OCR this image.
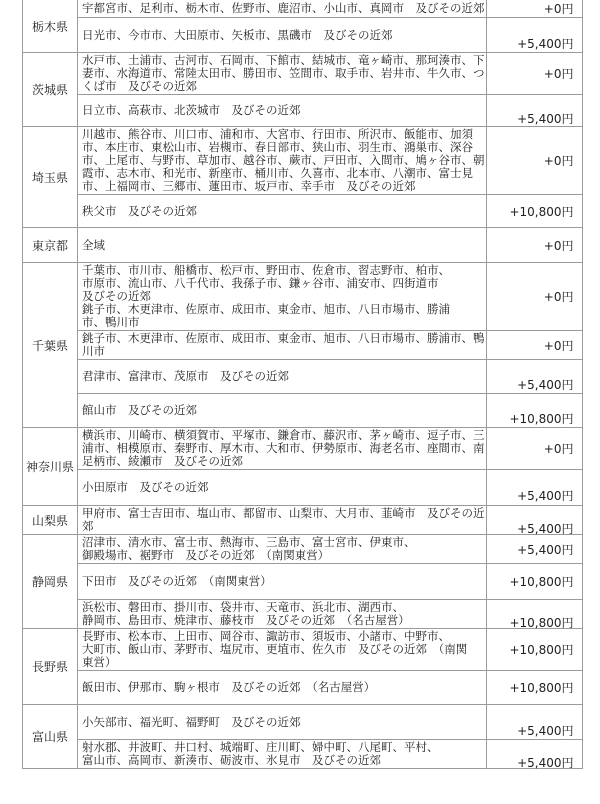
栃木県	宇都宮市、足利市、栃木市、佐野市、鹿沼市、小山市、真岡市　及びその近郊	+0円

	日光市、今市市、大田原市、矢板市、黒磯市　及びその近郊	+5,400円
茨城県	水戸市、土浦市、古河市、石岡市、下館市、結城市、竜ヶ崎市、那珂湊市、下
妻市、水海道市、常陸太田市、勝田市、笠間市、取手市、岩井市、牛久市、つ
くば市　及びその近郊	+0円

	日立市、高萩市、北茨城市　及びその近郊	+5,400円
埼玉県	川越市、熊谷市、川口市、浦和市、大宮市、行田市、所沢市、飯能市、加須
市、本庄市、東松山市、岩槻市、春日部市、狭山市、羽生市、鴻巣市、深谷
市、上尾市、与野市、草加市、越谷市、蕨市、戸田市、入間市、鳩ヶ谷市、朝
霞市、志木市、和光市、新座市、桶川市、久喜市、北本市、八潮市、富士見
市、上福岡市、三郷市、蓮田市、坂戸市、幸手市　及びその近郊	+0円

	秩父市　及びその近郊	+10,800円
東京都	全域	+0円
千葉県	千葉市、市川市、船橋市、松戸市、野田市、佐倉市、習志野市、柏市、
市原市、流山市、八千代市、我孫子市、鎌ヶ谷市、浦安市、四街道市
及びその近郊
銚子市、木更津市、佐原市、成田市、東金市、旭市、八日市場市、勝浦
市、鴨川市	+0円

	銚子市、木更津市、佐原市、成田市、東金市、旭市、八日市場市、勝浦市、鴨
川市	+0円

	君津市、富津市、茂原市　及びその近郊	+5,400円

	館山市　及びその近郊	+10,800円
神奈川県	横浜市、川崎市、横須賀市、平塚市、鎌倉市、藤沢市、茅ヶ崎市、逗子市、三
浦市、相模原市、秦野市、厚木市、大和市、伊勢原市、海老名市、座間市、南
足柄市、綾瀬市　及びその近郊	+0円

	小田原市　及びその近郊	+5,400円
山梨県	甲府市、富士吉田市、塩山市、都留市、山梨市、大月市、韮崎市　及びその近
郊	+5,400円
静岡県	沼津市、清水市、富士市、熱海市、三島市、富士宮市、伊東市、
御殿場市、裾野市　及びその近郊　（南関東営）	+5,400円

	下田市　及びその近郊　（南関東営）	+10,800円

	浜松市、磐田市、掛川市、袋井市、天竜市、浜北市、湖西市、
静岡市、島田市、焼津市、藤枝市　及びその近郊　（名古屋営）	+10,800円
長野県	長野市、松本市、上田市、岡谷市、諏訪市、須坂市、小諸市、中野市、
大町市、飯山市、茅野市、塩尻市、更埴市、佐久市　及びその近郊　（南関
東営）	+10,800円

	飯田市、伊那市、駒ヶ根市　及びその近郊　（名古屋営）	+10,800円
富山県	小矢部市、福光町、福野町　及びその近郊	+5,400円

	射水郡、井波町、井口村、城端町、庄川町、婦中町、八尾町、平村、
富山市、高岡市、新湊市、砺波市、氷見市　及びその近郊	+5,400円
